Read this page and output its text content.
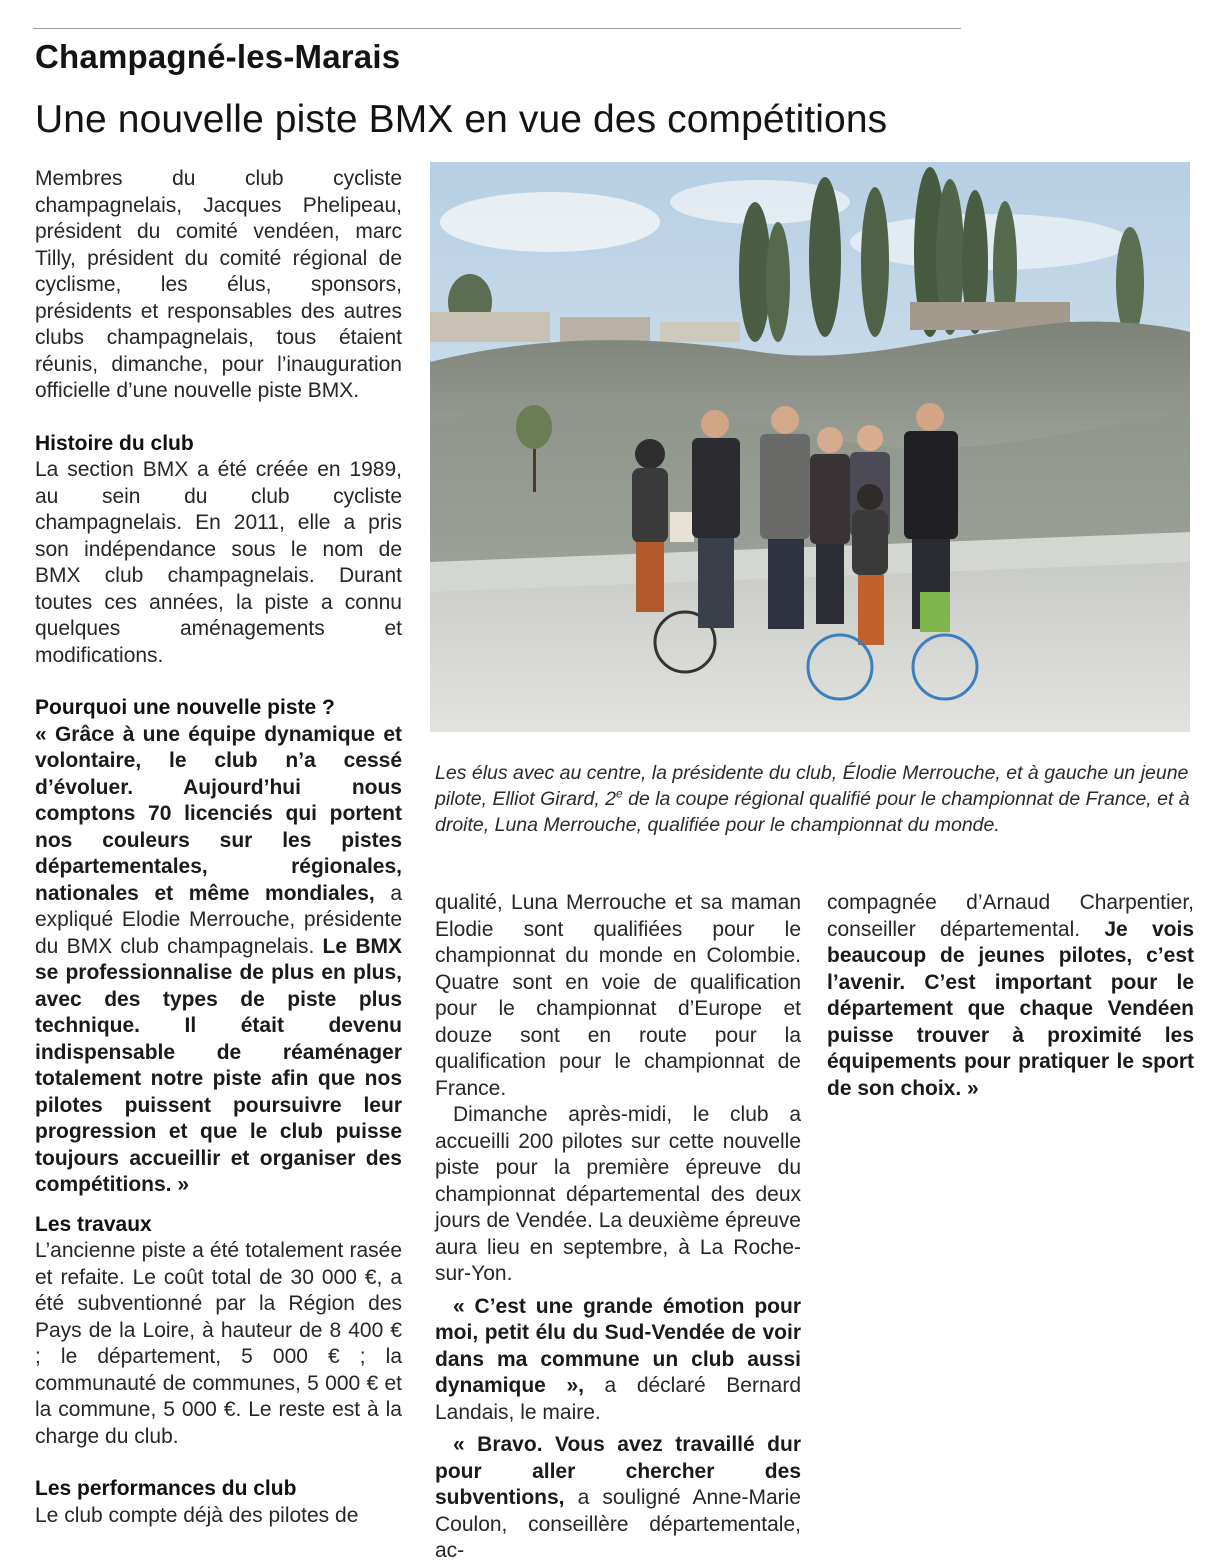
Champagné-les-Marais
Une nouvelle piste BMX en vue des compétitions

Membres du club cycliste champagnelais, Jacques Phelipeau, président du comité vendéen, marc Tilly, président du comité régional de cyclisme, les élus, sponsors, présidents et responsables des autres clubs champagnelais, tous étaient réunis, dimanche, pour l’inauguration officielle d’une nouvelle piste BMX.

Histoire du club

La section BMX a été créée en 1989, au sein du club cycliste champagnelais. En 2011, elle a pris son indépendance sous le nom de BMX club champagnelais. Durant toutes ces années, la piste a connu quelques aménagements et modifications.

Pourquoi une nouvelle piste ?

« Grâce à une équipe dynamique et volontaire, le club n’a cessé d’évoluer. Aujourd’hui nous comptons 70 licenciés qui portent nos couleurs sur les pistes départementales, régionales, nationales et même mondiales, a expliqué Elodie Merrouche, présidente du BMX club champagnelais. Le BMX se professionnalise de plus en plus, avec des types de piste plus technique. Il était devenu indispensable de réaménager totalement notre piste afin que nos pilotes puissent poursuivre leur progression et que le club puisse toujours accueillir et organiser des compétitions. »

Les travaux

L’ancienne piste a été totalement rasée et refaite. Le coût total de 30 000 €, a été subventionné par la Région des Pays de la Loire, à hauteur de 8 400 € ; le département, 5 000 € ; la communauté de communes, 5 000 € et la commune, 5 000 €. Le reste est à la charge du club.

Les performances du club

Le club compte déjà des pilotes de

Les élus avec au centre, la présidente du club, Élodie Merrouche, et à gauche un jeune pilote, Elliot Girard, 2e de la coupe régional qualifié pour le championnat de France, et à droite, Luna Merrouche, qualifiée pour le championnat du monde.

qualité, Luna Merrouche et sa maman Elodie sont qualifiées pour le championnat du monde en Colombie. Quatre sont en voie de qualification pour le championnat d’Europe et douze sont en route pour la qualification pour le championnat de France.

Dimanche après-midi, le club a accueilli 200 pilotes sur cette nouvelle piste pour la première épreuve du championnat départemental des deux jours de Vendée. La deuxième épreuve aura lieu en septembre, à La Roche-sur-Yon.

« C’est une grande émotion pour moi, petit élu du Sud-Vendée de voir dans ma commune un club aussi dynamique », a déclaré Bernard Landais, le maire.

« Bravo. Vous avez travaillé dur pour aller chercher des subventions, a souligné Anne-Marie Coulon, conseillère départementale, ac-

compagnée d’Arnaud Charpentier, conseiller départemental. Je vois beaucoup de jeunes pilotes, c’est l’avenir. C’est important pour le département que chaque Vendéen puisse trouver à proximité les équipements pour pratiquer le sport de son choix. »
